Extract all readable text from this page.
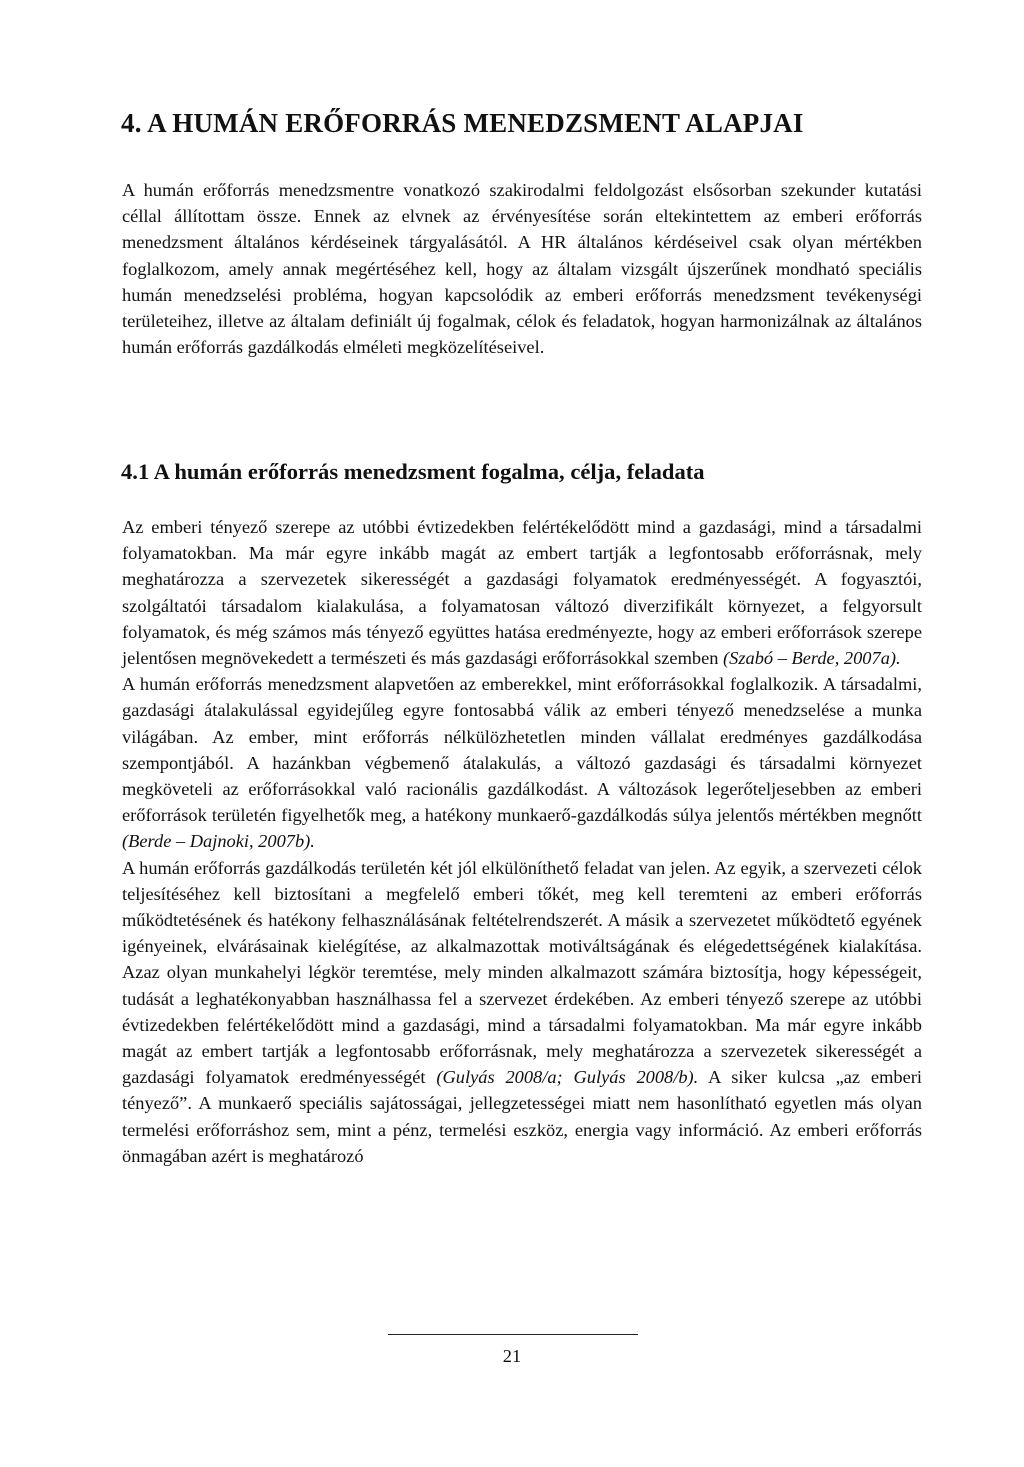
4. A HUMÁN ERŐFORRÁS MENEDZSMENT ALAPJAI

A humán erőforrás menedzsmentre vonatkozó szakirodalmi feldolgozást elsősorban szekunder kutatási céllal állítottam össze. Ennek az elvnek az érvényesítése során eltekintettem az emberi erőforrás menedzsment általános kérdéseinek tárgyalásától. A HR általános kérdéseivel csak olyan mértékben foglalkozom, amely annak megértéséhez kell, hogy az általam vizsgált újszerűnek mondható speciális humán menedzselési probléma, hogyan kapcsolódik az emberi erőforrás menedzsment tevékenységi területeihez, illetve az általam definiált új fogalmak, célok és feladatok, hogyan harmonizálnak az általános humán erőforrás gazdálkodás elméleti megközelítéseivel.

4.1 A humán erőforrás menedzsment fogalma, célja, feladata

Az emberi tényező szerepe az utóbbi évtizedekben felértékelődött mind a gazdasági, mind a társadalmi folyamatokban. Ma már egyre inkább magát az embert tartják a legfontosabb erőforrásnak, mely meghatározza a szervezetek sikerességét a gazdasági folyamatok eredményességét. A fogyasztói, szolgáltatói társadalom kialakulása, a folyamatosan változó diverzifikált környezet, a felgyorsult folyamatok, és még számos más tényező együttes hatása eredményezte, hogy az emberi erőforrások szerepe jelentősen megnövekedett a természeti és más gazdasági erőforrásokkal szemben (Szabó – Berde, 2007a).

A humán erőforrás menedzsment alapvetően az emberekkel, mint erőforrásokkal foglalkozik. A társadalmi, gazdasági átalakulással egyidejűleg egyre fontosabbá válik az emberi tényező menedzselése a munka világában. Az ember, mint erőforrás nélkülözhetetlen minden vállalat eredményes gazdálkodása szempontjából. A hazánkban végbemenő átalakulás, a változó gazdasági és társadalmi környezet megköveteli az erőforrásokkal való racionális gazdálkodást. A változások legerőteljesebben az emberi erőforrások területén figyelhetők meg, a hatékony munkaerő-gazdálkodás súlya jelentős mértékben megnőtt (Berde – Dajnoki, 2007b).

A humán erőforrás gazdálkodás területén két jól elkülöníthető feladat van jelen. Az egyik, a szervezeti célok teljesítéséhez kell biztosítani a megfelelő emberi tőkét, meg kell teremteni az emberi erőforrás működtetésének és hatékony felhasználásának feltételrendszerét. A másik a szervezetet működtető egyének igényeinek, elvárásainak kielégítése, az alkalmazottak motiváltságának és elégedettségének kialakítása. Azaz olyan munkahelyi légkör teremtése, mely minden alkalmazott számára biztosítja, hogy képességeit, tudását a leghatékonyabban használhassa fel a szervezet érdekében. Az emberi tényező szerepe az utóbbi évtizedekben felértékelődött mind a gazdasági, mind a társadalmi folyamatokban. Ma már egyre inkább magát az embert tartják a legfontosabb erőforrásnak, mely meghatározza a szervezetek sikerességét a gazdasági folyamatok eredményességét (Gulyás 2008/a; Gulyás 2008/b). A siker kulcsa „az emberi tényező”. A munkaerő speciális sajátosságai, jellegzetességei miatt nem hasonlítható egyetlen más olyan termelési erőforráshoz sem, mint a pénz, termelési eszköz, energia vagy információ. Az emberi erőforrás önmagában azért is meghatározó

21
